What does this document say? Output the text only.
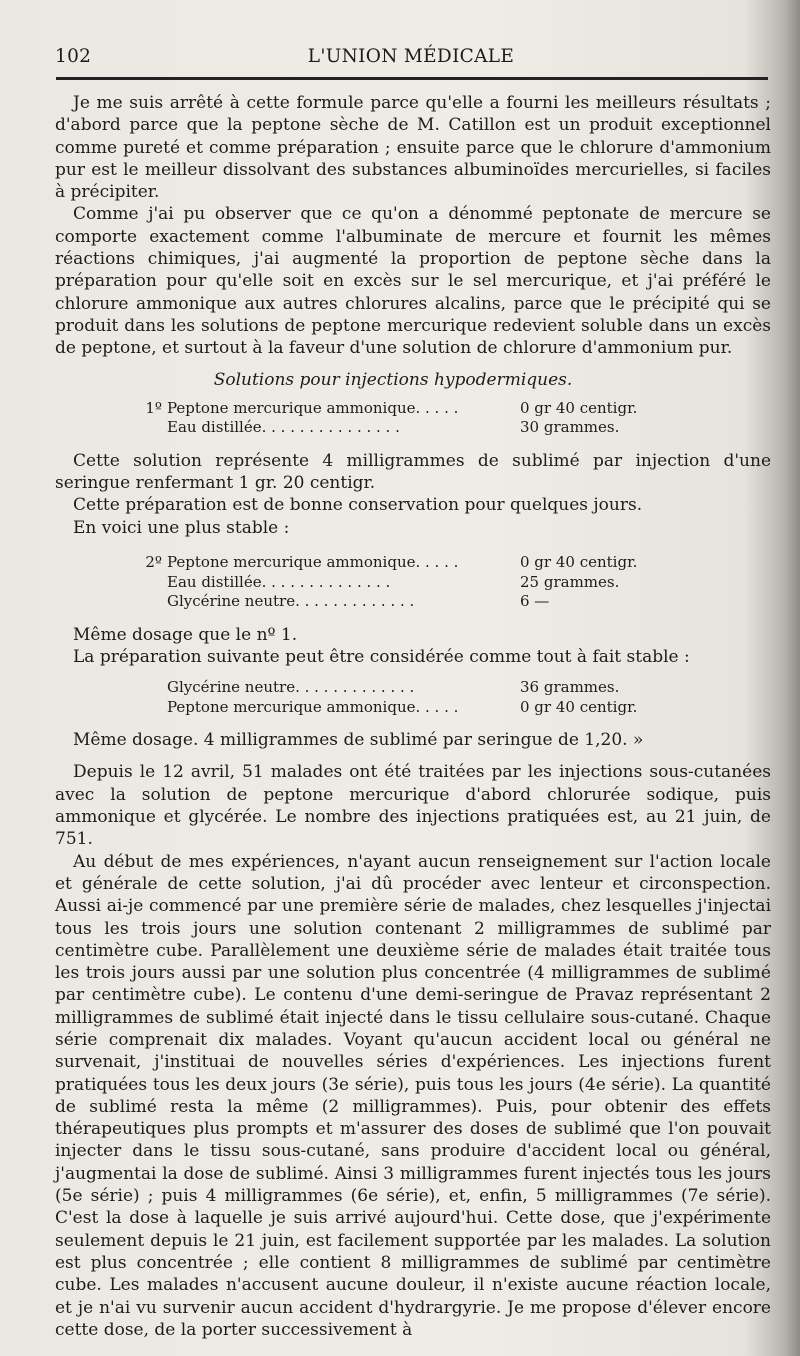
102	L'UNION MÉDICALE

Je me suis arrêté à cette formule parce qu'elle a fourni les meilleurs résultats ; d'abord parce que la peptone sèche de M. Catillon est un produit exceptionnel comme pureté et comme préparation ; ensuite parce que le chlorure d'ammonium pur est le meilleur dissolvant des substances albuminoïdes mercurielles, si faciles à précipiter.

Comme j'ai pu observer que ce qu'on a dénommé peptonate de mercure se comporte exactement comme l'albuminate de mercure et fournit les mêmes réactions chimiques, j'ai augmenté la proportion de peptone sèche dans la préparation pour qu'elle soit en excès sur le sel mercurique, et j'ai préféré le chlorure ammonique aux autres chlorures alcalins, parce que le précipité qui se produit dans les solutions de peptone mercurique redevient soluble dans un excès de peptone, et surtout à la faveur d'une solution de chlorure d'ammonium pur.

Solutions pour injections hypodermiques.
1º Peptone mercurique ammonique. . . . .	0 gr 40 centigr.
Eau distillée. . . . . . . . . . . . . . .	30 grammes.

Cette solution représente 4 milligrammes de sublimé par injection d'une seringue renfermant 1 gr. 20 centigr.

Cette préparation est de bonne conservation pour quelques jours.

En voici une plus stable :

2º Peptone mercurique ammonique. . . . .	0 gr 40 centigr.
Eau distillée. . . . . . . . . . . . . .	25 grammes.
Glycérine neutre. . . . . . . . . . . . .	6 —

Même dosage que le nº 1.

La préparation suivante peut être considérée comme tout à fait stable :

Glycérine neutre. . . . . . . . . . . . .	36 grammes.
Peptone mercurique ammonique. . . . .	0 gr 40 centigr.

Même dosage. 4 milligrammes de sublimé par seringue de 1,20. »

Depuis le 12 avril, 51 malades ont été traitées par les injections sous-cutanées avec la solution de peptone mercurique d'abord chlorurée sodique, puis ammonique et glycérée. Le nombre des injections pratiquées est, au 21 juin, de 751.

Au début de mes expériences, n'ayant aucun renseignement sur l'action locale et générale de cette solution, j'ai dû procéder avec lenteur et circonspection. Aussi ai-je commencé par une première série de malades, chez lesquelles j'injectai tous les trois jours une solution contenant 2 milligrammes de sublimé par centimètre cube. Parallèlement une deuxième série de malades était traitée tous les trois jours aussi par une solution plus concentrée (4 milligrammes de sublimé par centimètre cube). Le contenu d'une demi-seringue de Pravaz représentant 2 milligrammes de sublimé était injecté dans le tissu cellulaire sous-cutané. Chaque série comprenait dix malades. Voyant qu'aucun accident local ou général ne survenait, j'instituai de nouvelles séries d'expériences. Les injections furent pratiquées tous les deux jours (3e série), puis tous les jours (4e série). La quantité de sublimé resta la même (2 milligrammes). Puis, pour obtenir des effets thérapeutiques plus prompts et m'assurer des doses de sublimé que l'on pouvait injecter dans le tissu sous-cutané, sans produire d'accident local ou général, j'augmentai la dose de sublimé. Ainsi 3 milligrammes furent injectés tous les jours (5e série) ; puis 4 milligrammes (6e série), et, enfin, 5 milligrammes (7e série). C'est la dose à laquelle je suis arrivé aujourd'hui. Cette dose, que j'expérimente seulement depuis le 21 juin, est facilement supportée par les malades. La solution est plus concentrée ; elle contient 8 milligrammes de sublimé par centimètre cube. Les malades n'accusent aucune douleur, il n'existe aucune réaction locale, et je n'ai vu survenir aucun accident d'hydrargyrie. Je me propose d'élever encore cette dose, de la porter successivement à
